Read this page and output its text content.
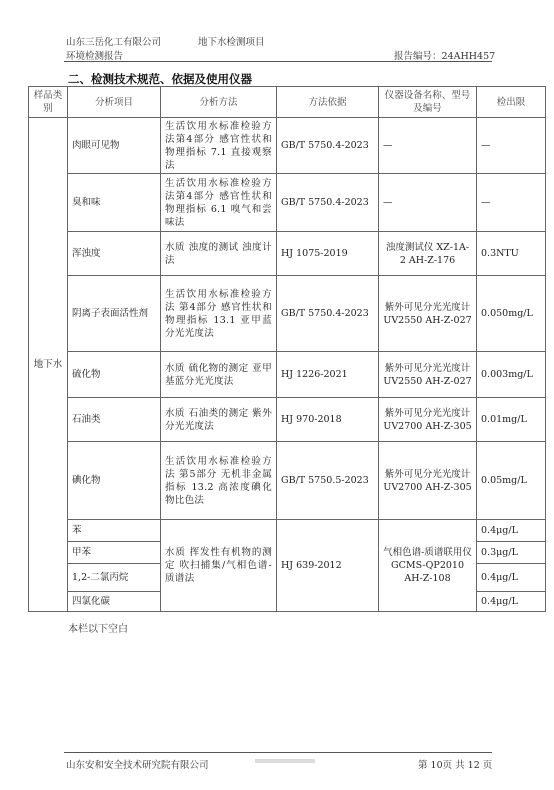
山东三岳化工有限公司	地下水检测项目
环境检测报告	报告编号：24AHH457
二、检测技术规范、依据及使用仪器
样品类别	分析项目	分析方法	方法依据	仪器设备名称、型号及编号	检出限
地下水	肉眼可见物	生活饮用水标准检验方法第4部分 感官性状和物理指标 7.1 直接观察法	GB/T 5750.4-2023	—	—
	臭和味	生活饮用水标准检验方法第4部分 感官性状和物理指标 6.1 嗅气和尝味法	GB/T 5750.4-2023	—	—
	浑浊度	水质 浊度的测试 浊度计法	HJ 1075-2019	浊度测试仪 XZ-1A-2 AH-Z-176	0.3NTU
	阴离子表面活性剂	生活饮用水标准检验方法 第4部分 感官性状和物理指标 13.1 亚甲蓝分光光度法	GB/T 5750.4-2023	紫外可见分光光度计 UV2550 AH-Z-027	0.050mg/L
	硫化物	水质 硫化物的测定 亚甲基蓝分光光度法	HJ 1226-2021	紫外可见分光光度计 UV2550 AH-Z-027	0.003mg/L
	石油类	水质 石油类的测定 紫外分光光度法	HJ 970-2018	紫外可见分光光度计 UV2700 AH-Z-305	0.01mg/L
	碘化物	生活饮用水标准检验方法 第5部分 无机非金属指标 13.2 高浓度碘化物比色法	GB/T 5750.5-2023	紫外可见分光光度计 UV2700 AH-Z-305	0.05mg/L
	苯	水质 挥发性有机物的测定 吹扫捕集/气相色谱-质谱法	HJ 639-2012	气相色谱-质谱联用仪 GCMS-QP2010 AH-Z-108	0.4μg/L
	甲苯				0.3μg/L
	1,2-二氯丙烷				0.4μg/L
	四氯化碳				0.4μg/L
本栏以下空白
山东安和安全技术研究院有限公司	第 10页 共 12 页
